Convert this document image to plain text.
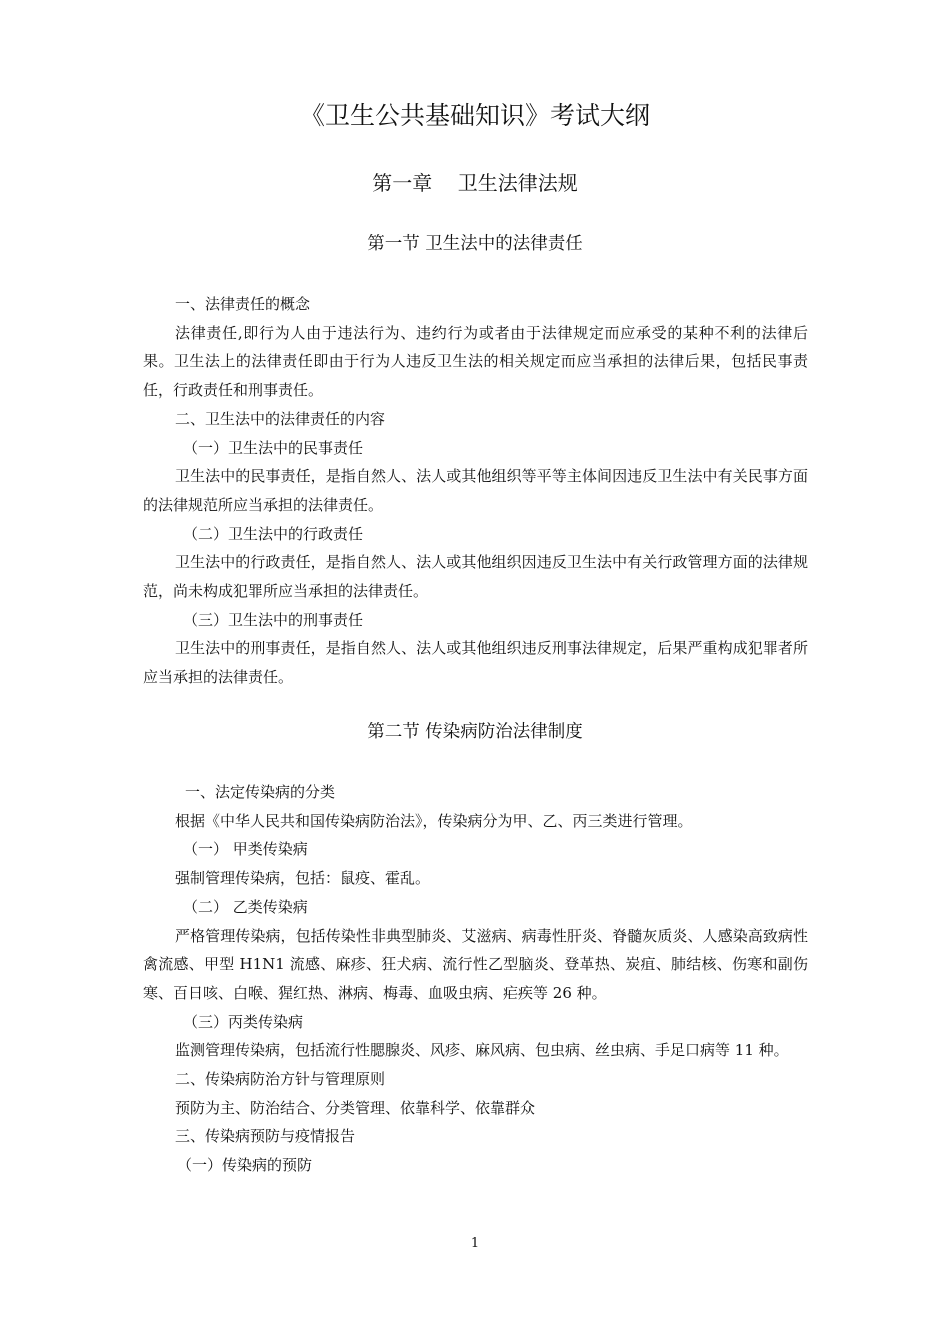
《卫生公共基础知识》考试大纲
第一章    卫生法律法规
第一节 卫生法中的法律责任

一、法律责任的概念

法律责任,即行为人由于违法行为、违约行为或者由于法律规定而应承受的某种不利的法律后果。卫生法上的法律责任即由于行为人违反卫生法的相关规定而应当承担的法律后果，包括民事责任，行政责任和刑事责任。

二、卫生法中的法律责任的内容

（一）卫生法中的民事责任

卫生法中的民事责任，是指自然人、法人或其他组织等平等主体间因违反卫生法中有关民事方面的法律规范所应当承担的法律责任。

（二）卫生法中的行政责任

卫生法中的行政责任，是指自然人、法人或其他组织因违反卫生法中有关行政管理方面的法律规范，尚未构成犯罪所应当承担的法律责任。

（三）卫生法中的刑事责任

卫生法中的刑事责任，是指自然人、法人或其他组织违反刑事法律规定，后果严重构成犯罪者所应当承担的法律责任。

第二节 传染病防治法律制度

一、法定传染病的分类

根据《中华人民共和国传染病防治法》，传染病分为甲、乙、丙三类进行管理。

（一） 甲类传染病

强制管理传染病，包括：鼠疫、霍乱。

（二） 乙类传染病

严格管理传染病，包括传染性非典型肺炎、艾滋病、病毒性肝炎、脊髓灰质炎、人感染高致病性禽流感、甲型 H1N1 流感、麻疹、狂犬病、流行性乙型脑炎、登革热、炭疽、肺结核、伤寒和副伤寒、百日咳、白喉、猩红热、淋病、梅毒、血吸虫病、疟疾等 26 种。

（三）丙类传染病

监测管理传染病，包括流行性腮腺炎、风疹、麻风病、包虫病、丝虫病、手足口病等 11 种。

二、传染病防治方针与管理原则

预防为主、防治结合、分类管理、依靠科学、依靠群众

三、传染病预防与疫情报告

（一）传染病的预防

1
